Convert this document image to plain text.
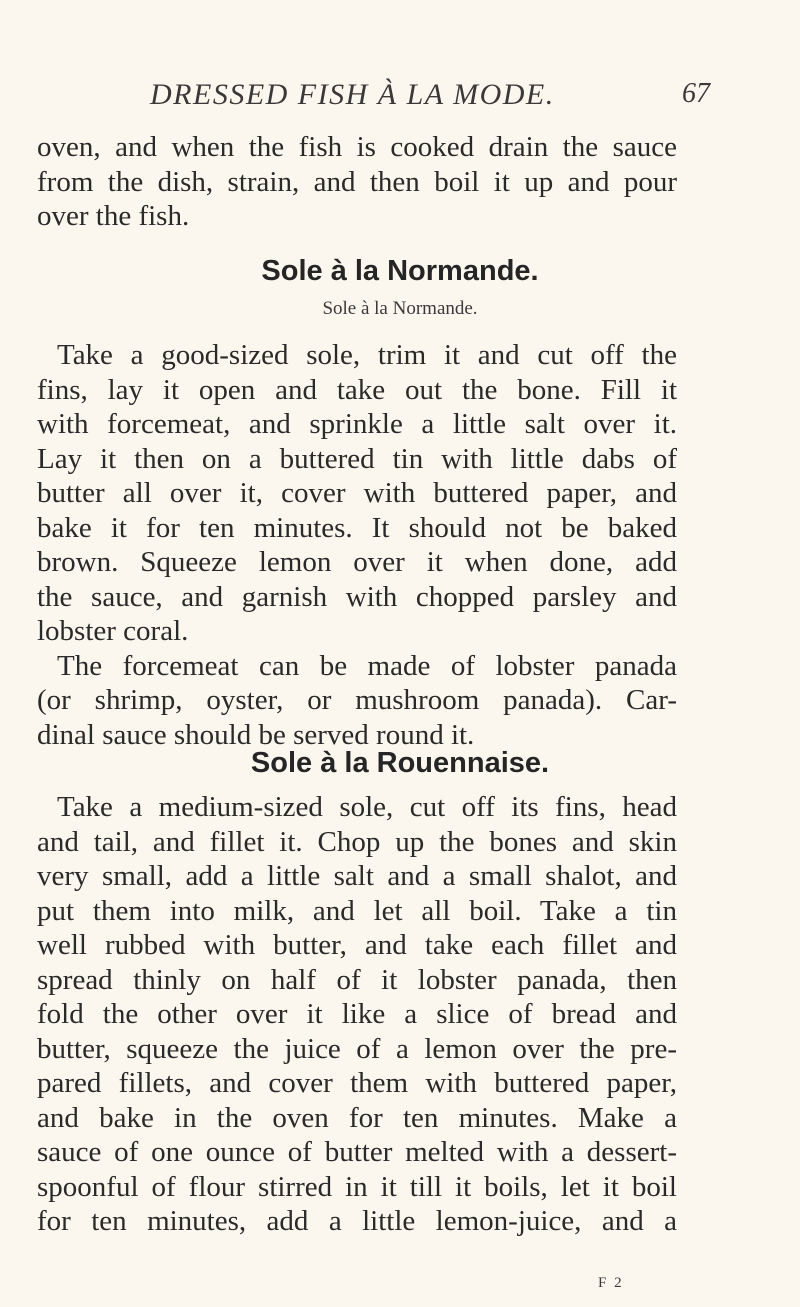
DRESSED FISH À LA MODE.	67
oven, and when the fish is cooked drain the sauce
from the dish, strain, and then boil it up and pour
over the fish.
Sole à la Normande.
Sole à la Normande.
Take a good-sized sole, trim it and cut off the
fins, lay it open and take out the bone. Fill it
with forcemeat, and sprinkle a little salt over it.
Lay it then on a buttered tin with little dabs of
butter all over it, cover with buttered paper, and
bake it for ten minutes. It should not be baked
brown. Squeeze lemon over it when done, add
the sauce, and garnish with chopped parsley and
lobster coral.
The forcemeat can be made of lobster panada
(or shrimp, oyster, or mushroom panada). Car-
dinal sauce should be served round it.
Sole à la Rouennaise.
Take a medium-sized sole, cut off its fins, head
and tail, and fillet it. Chop up the bones and skin
very small, add a little salt and a small shalot, and
put them into milk, and let all boil. Take a tin
well rubbed with butter, and take each fillet and
spread thinly on half of it lobster panada, then
fold the other over it like a slice of bread and
butter, squeeze the juice of a lemon over the pre-
pared fillets, and cover them with buttered paper,
and bake in the oven for ten minutes. Make a
sauce of one ounce of butter melted with a dessert-
spoonful of flour stirred in it till it boils, let it boil
for ten minutes, add a little lemon-juice, and a
F 2
